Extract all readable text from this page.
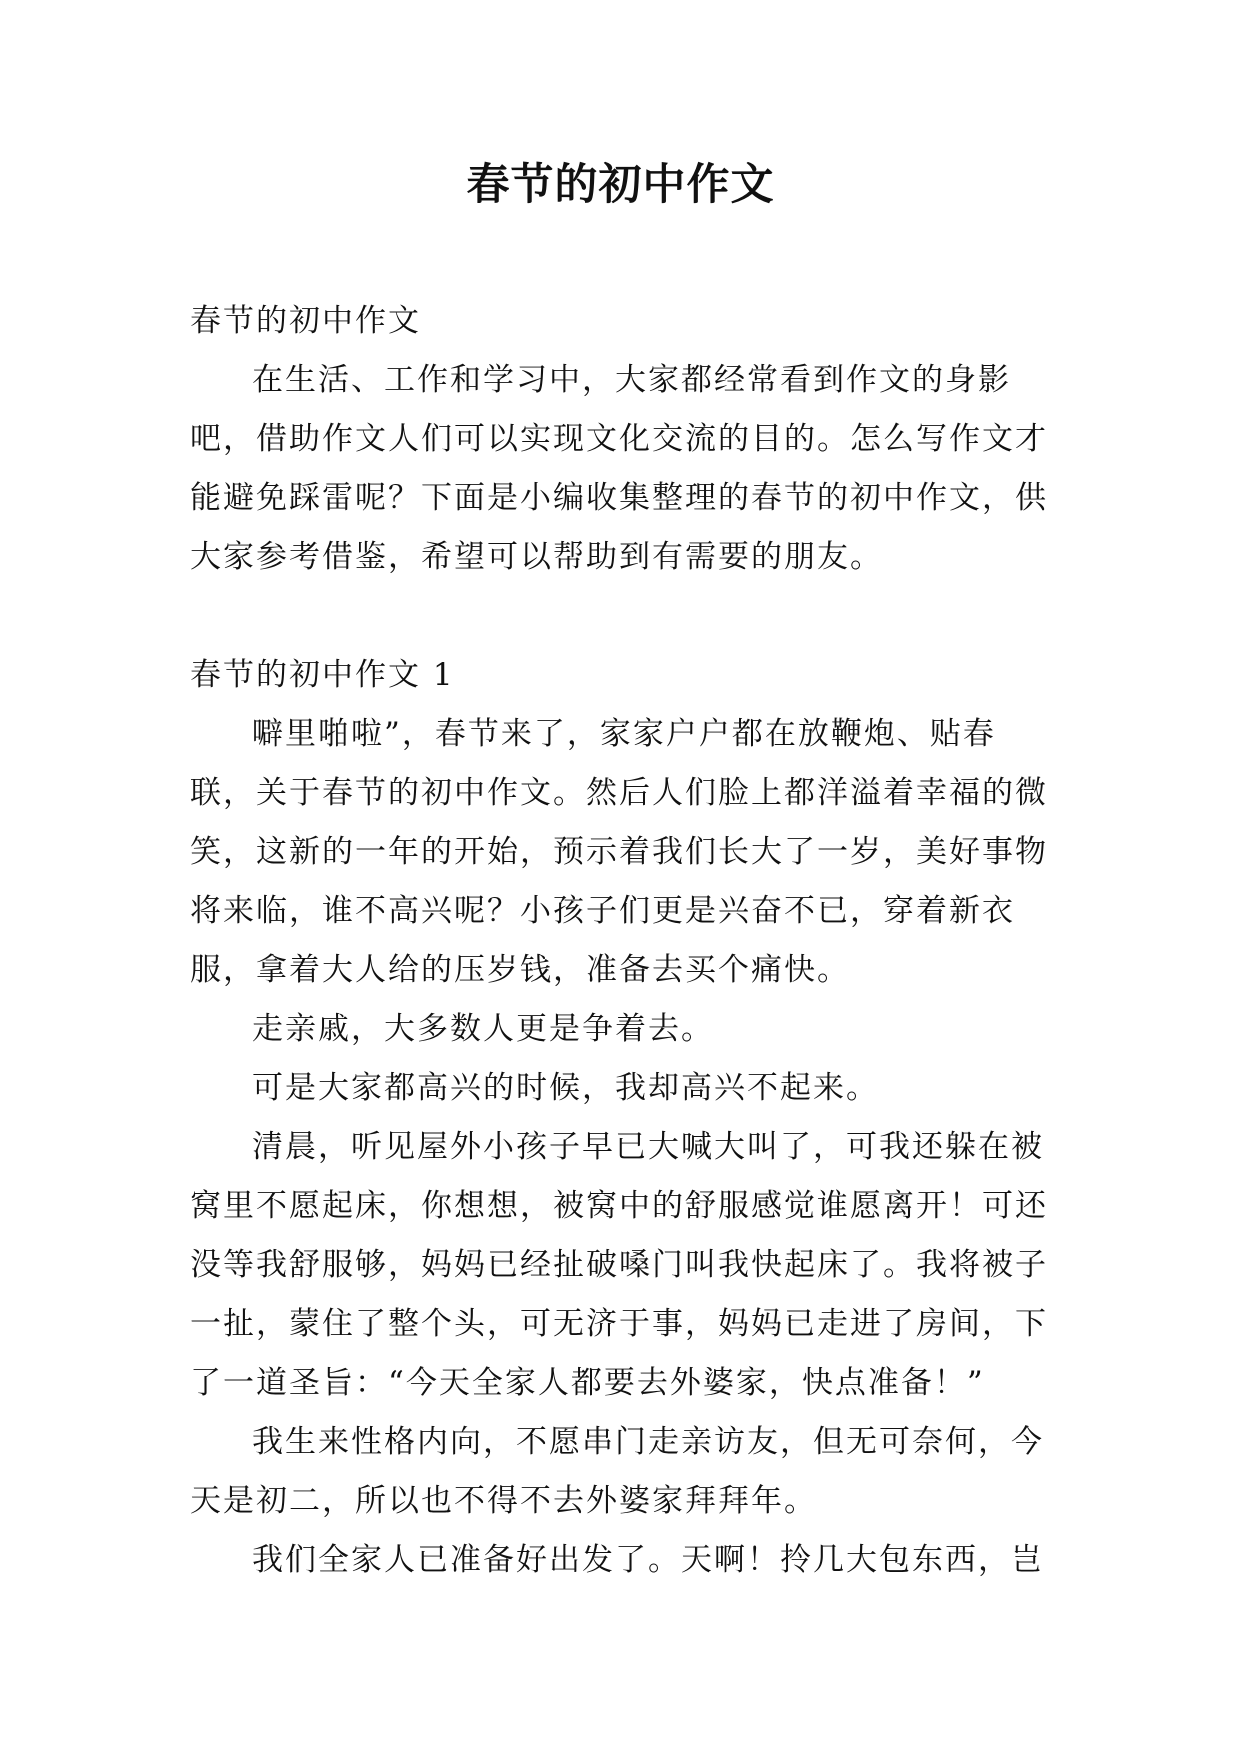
春节的初中作文

春节的初中作文

在生活、工作和学习中，大家都经常看到作文的身影吧，借助作文人们可以实现文化交流的目的。怎么写作文才能避免踩雷呢？下面是小编收集整理的春节的初中作文，供大家参考借鉴，希望可以帮助到有需要的朋友。

春节的初中作文 1

噼里啪啦”，春节来了，家家户户都在放鞭炮、贴春联，关于春节的初中作文。然后人们脸上都洋溢着幸福的微笑，这新的一年的开始，预示着我们长大了一岁，美好事物将来临，谁不高兴呢？小孩子们更是兴奋不已，穿着新衣服，拿着大人给的压岁钱，准备去买个痛快。

走亲戚，大多数人更是争着去。

可是大家都高兴的时候，我却高兴不起来。

清晨，听见屋外小孩子早已大喊大叫了，可我还躲在被窝里不愿起床，你想想，被窝中的舒服感觉谁愿离开！可还没等我舒服够，妈妈已经扯破嗓门叫我快起床了。我将被子一扯，蒙住了整个头，可无济于事，妈妈已走进了房间，下了一道圣旨：“今天全家人都要去外婆家，快点准备！”

我生来性格内向，不愿串门走亲访友，但无可奈何，今天是初二，所以也不得不去外婆家拜拜年。

我们全家人已准备好出发了。天啊！拎几大包东西，岂
